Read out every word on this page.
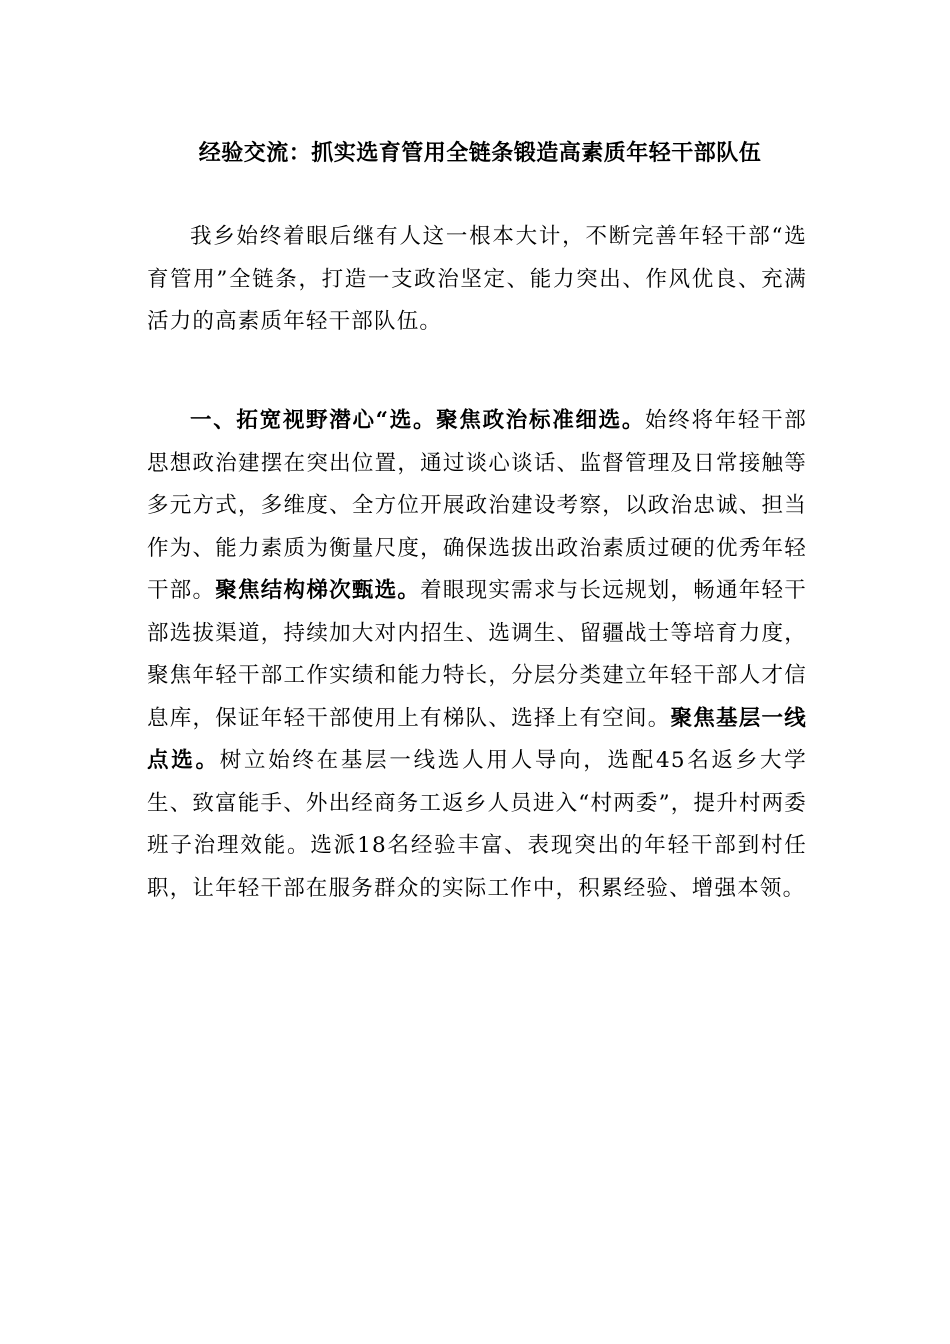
经验交流：抓实选育管用全链条锻造高素质年轻干部队伍

我乡始终着眼后继有人这一根本大计，不断完善年轻干部“选育管用”全链条，打造一支政治坚定、能力突出、作风优良、充满活力的高素质年轻干部队伍。

一、拓宽视野潜心“选。聚焦政治标准细选。始终将年轻干部思想政治建摆在突出位置，通过谈心谈话、监督管理及日常接触等多元方式，多维度、全方位开展政治建设考察，以政治忠诚、担当作为、能力素质为衡量尺度，确保选拔出政治素质过硬的优秀年轻干部。聚焦结构梯次甄选。着眼现实需求与长远规划，畅通年轻干部选拔渠道，持续加大对内招生、选调生、留疆战士等培育力度，聚焦年轻干部工作实绩和能力特长，分层分类建立年轻干部人才信息库，保证年轻干部使用上有梯队、选择上有空间。聚焦基层一线点选。树立始终在基层一线选人用人导向，选配45名返乡大学生、致富能手、外出经商务工返乡人员进入“村两委”，提升村两委班子治理效能。选派18名经验丰富、表现突出的年轻干部到村任职，让年轻干部在服务群众的实际工作中，积累经验、增强本领。
